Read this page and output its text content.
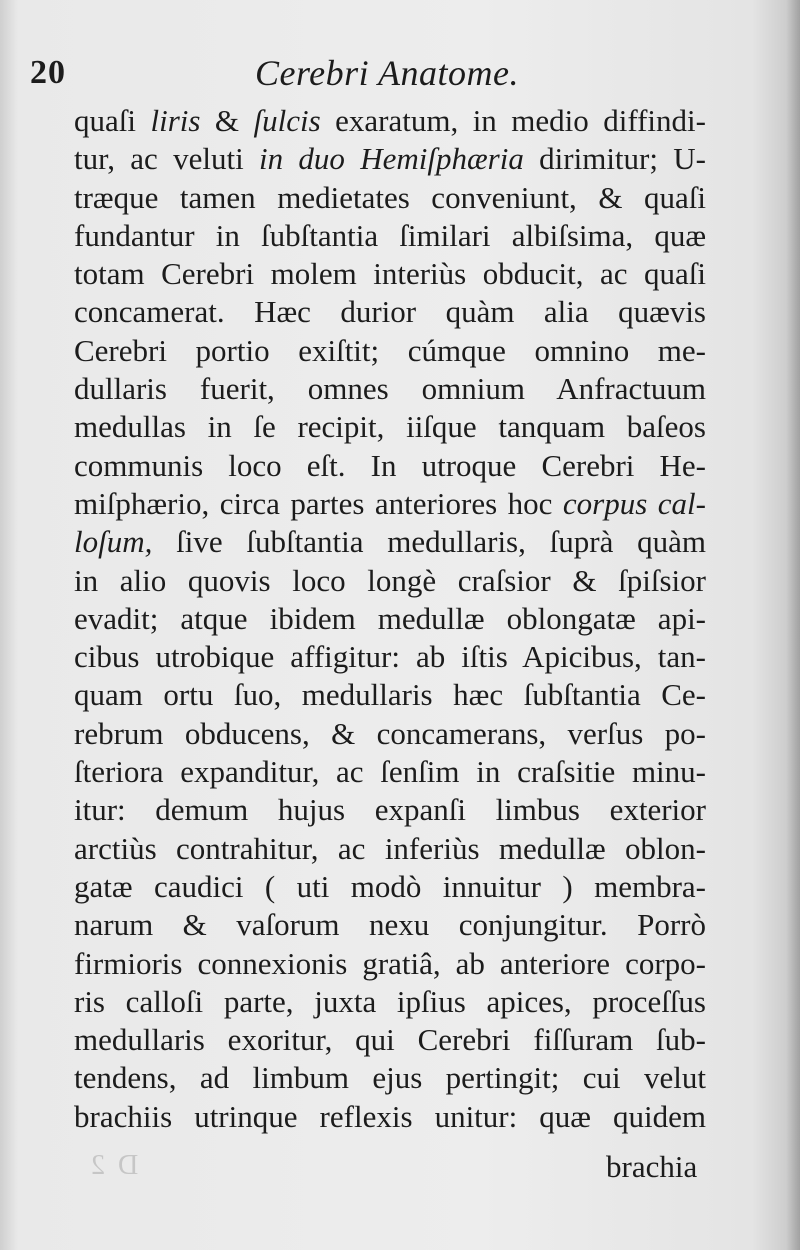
20	Cerebri Anatome.
quaſi liris & ſulcis exaratum, in medio diffindi-
tur, ac veluti in duo Hemiſphæria dirimitur; U-
træque tamen medietates conveniunt, & quaſi
fundantur in ſubſtantia ſimilari albiſsima, quæ
totam Cerebri molem interiùs obducit, ac quaſi
concamerat. Hæc durior quàm alia quævis
Cerebri portio exiſtit; cúmque omnino me-
dullaris fuerit, omnes omnium Anfractuum
medullas in ſe recipit, iiſque tanquam baſeos
communis loco eſt. In utroque Cerebri He-
miſphærio, circa partes anteriores hoc corpus cal-
loſum, ſive ſubſtantia medullaris, ſuprà quàm
in alio quovis loco longè craſsior & ſpiſsior
evadit; atque ibidem medullæ oblongatæ api-
cibus utrobique affigitur: ab iſtis Apicibus, tan-
quam ortu ſuo, medullaris hæc ſubſtantia Ce-
rebrum obducens, & concamerans, verſus po-
ſteriora expanditur, ac ſenſim in craſsitie minu-
itur: demum hujus expanſi limbus exterior
arctiùs contrahitur, ac inferiùs medullæ oblon-
gatæ caudici ( uti modò innuitur ) membra-
narum & vaſorum nexu conjungitur. Porrò
firmioris connexionis gratiâ, ab anteriore corpo-
ris calloſi parte, juxta ipſius apices, proceſſus
medullaris exoritur, qui Cerebri fiſſuram ſub-
tendens, ad limbum ejus pertingit; cui velut
brachiis utrinque reflexis unitur: quæ quidem
D 2	brachia
